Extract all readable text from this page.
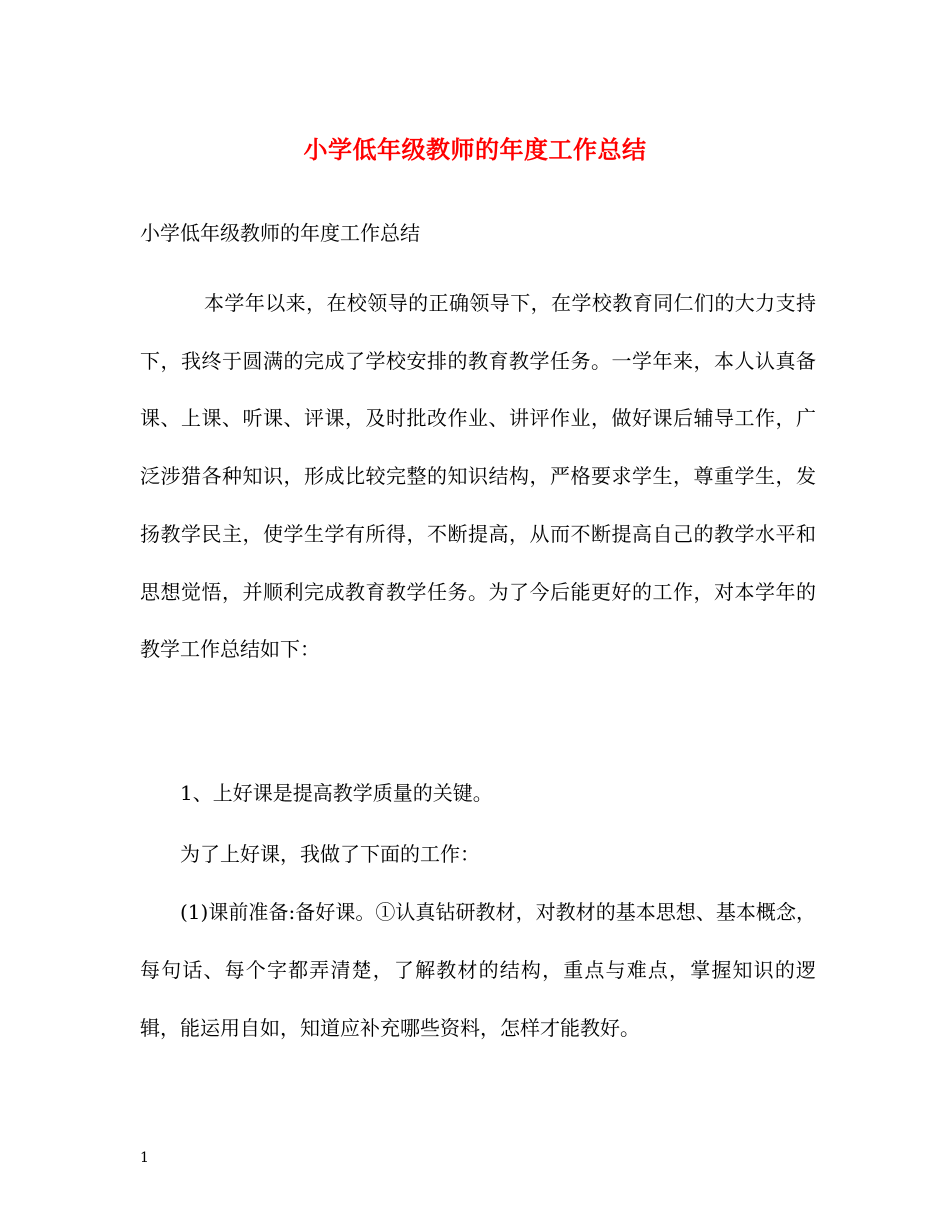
小学低年级教师的年度工作总结
小学低年级教师的年度工作总结

本学年以来，在校领导的正确领导下，在学校教育同仁们的大力支持下，我终于圆满的完成了学校安排的教育教学任务。一学年来，本人认真备课、上课、听课、评课，及时批改作业、讲评作业，做好课后辅导工作，广泛涉猎各种知识，形成比较完整的知识结构，严格要求学生，尊重学生，发扬教学民主，使学生学有所得，不断提高，从而不断提高自己的教学水平和思想觉悟，并顺利完成教育教学任务。为了今后能更好的工作，对本学年的教学工作总结如下：

1、上好课是提高教学质量的关键。
为了上好课，我做了下面的工作：

(1)课前准备:备好课。①认真钻研教材，对教材的基本思想、基本概念，每句话、每个字都弄清楚，了解教材的结构，重点与难点，掌握知识的逻辑，能运用自如，知道应补充哪些资料，怎样才能教好。

1
